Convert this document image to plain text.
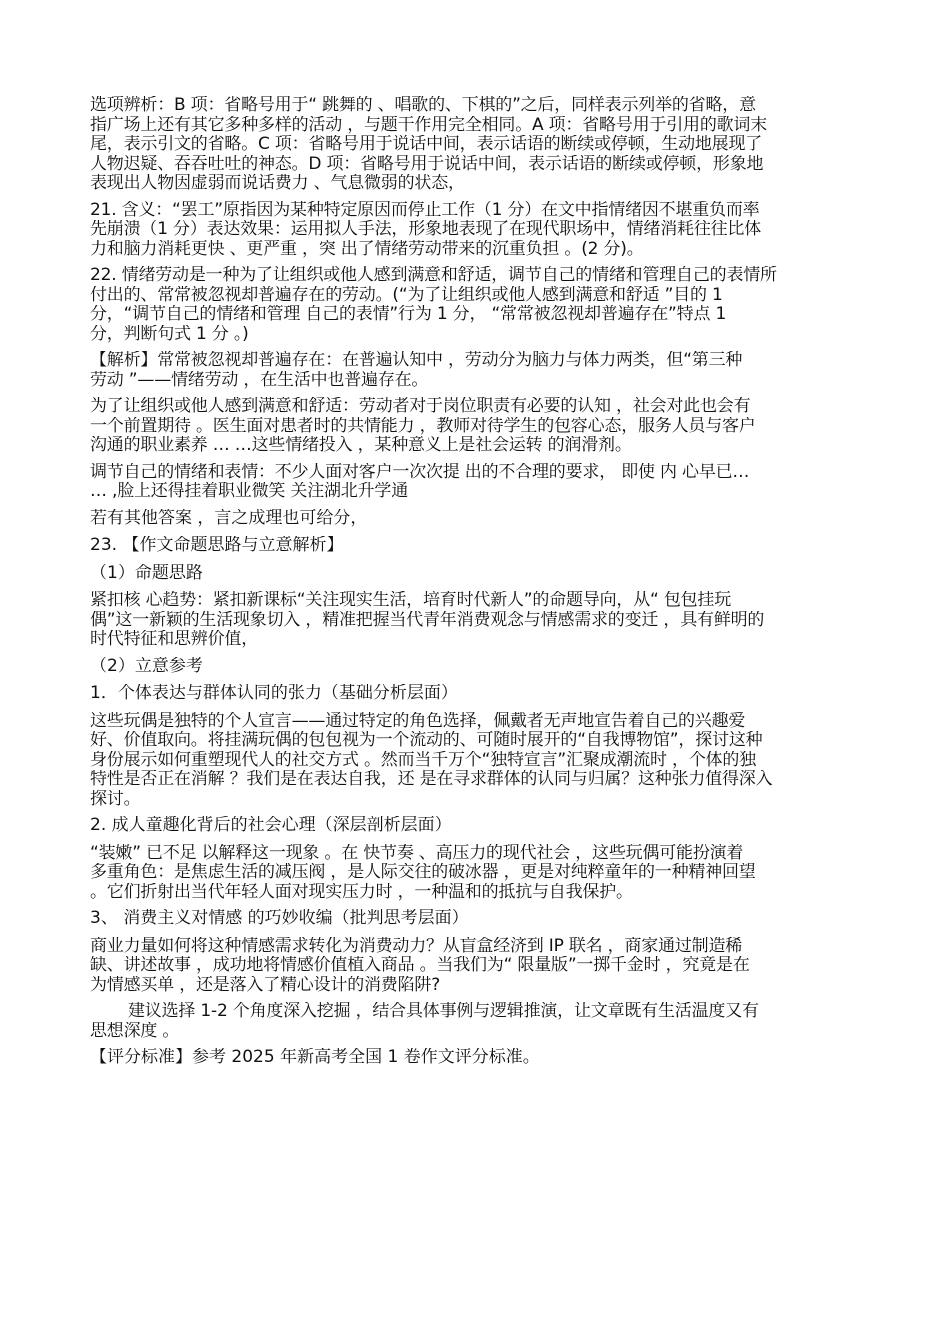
选项辨析：B 项：省略号用于“ 跳舞的 、唱歌的、下棋的”之后，同样表示列举的省略，意
指广场上还有其它多种多样的活动 ，与题干作用完全相同。A 项：省略号用于引用的歌词末
尾，表示引文的省略。C 项：省略号用于说话中间，表示话语的断续或停顿，生动地展现了
人物迟疑、吞吞吐吐的神态。D 项：省略号用于说话中间，表示话语的断续或停顿，形象地
表现出人物因虚弱而说话费力 、气息微弱的状态，
21. 含义：“罢工”原指因为某种特定原因而停止工作（1 分）在文中指情绪因不堪重负而率
先崩溃（1 分）表达效果：运用拟人手法，形象地表现了在现代职场中，情绪消耗往往比体
力和脑力消耗更快 、更严重 ，突 出了情绪劳动带来的沉重负担 。(2 分)。
22. 情绪劳动是一种为了让组织或他人感到满意和舒适，调节自己的情绪和管理自己的表情所
付出的、常常被忽视却普遍存在的劳动。(“为了让组织或他人感到满意和舒适 ”目的 1
分，“调节自己的情绪和管理 自己的表情”行为 1 分， “常常被忽视却普遍存在”特点 1
分，判断句式 1 分 。)
【解析】常常被忽视却普遍存在：在普遍认知中 ，劳动分为脑力与体力两类，但“第三种
劳动 ”——情绪劳动 ，在生活中也普遍存在。
为了让组织或他人感到满意和舒适：劳动者对于岗位职责有必要的认知 ，社会对此也会有
一个前置期待 。医生面对患者时的共情能力 ，教师对待学生的包容心态，服务人员与客户
沟通的职业素养 … …这些情绪投入 ，某种意义上是社会运转 的润滑剂。
调节自己的情绪和表情：不少人面对客户一次次提 出的不合理的要求， 即使 内 心早已…
… ,脸上还得挂着职业微笑 关注湖北升学通
若有其他答案 ，言之成理也可给分，
23. 【作文命题思路与立意解析】
（1）命题思路
紧扣核 心趋势：紧扣新课标“关注现实生活，培育时代新人”的命题导向，从“ 包包挂玩
偶”这一新颖的生活现象切入 ，精准把握当代青年消费观念与情感需求的变迁 ，具有鲜明的
时代特征和思辨价值，
（2）立意参考
1．个体表达与群体认同的张力（基础分析层面）
这些玩偶是独特的个人宣言——通过特定的角色选择，佩戴者无声地宣告着自己的兴趣爱
好、价值取向。将挂满玩偶的包包视为一个流动的、可随时展开的“自我博物馆”，探讨这种
身份展示如何重塑现代人的社交方式 。然而当千万个“独特宣言”汇聚成潮流时 ，个体的独
特性是否正在消解 ？我们是在表达自我，还 是在寻求群体的认同与归属？这种张力值得深入
探讨。
2. 成人童趣化背后的社会心理（深层剖析层面）
“装嫩” 已不足 以解释这一现象 。在 快节奏 、高压力的现代社会 ，这些玩偶可能扮演着
多重角色：是焦虑生活的减压阀 ，是人际交往的破冰器 ，更是对纯粹童年的一种精神回望
。它们折射出当代年轻人面对现实压力时 ，一种温和的抵抗与自我保护。
3、 消费主义对情感 的巧妙收编（批判思考层面）
商业力量如何将这种情感需求转化为消费动力？从盲盒经济到 IP 联名 ，商家通过制造稀
缺、讲述故事 ，成功地将情感价值植入商品 。当我们为“ 限量版”一掷千金时 ，究竟是在
为情感买单 ，还是落入了精心设计的消费陷阱?
建议选择 1-2 个角度深入挖掘 ，结合具体事例与逻辑推演，让文章既有生活温度又有
思想深度 。
【评分标准】参考 2025 年新高考全国 1 卷作文评分标准。
